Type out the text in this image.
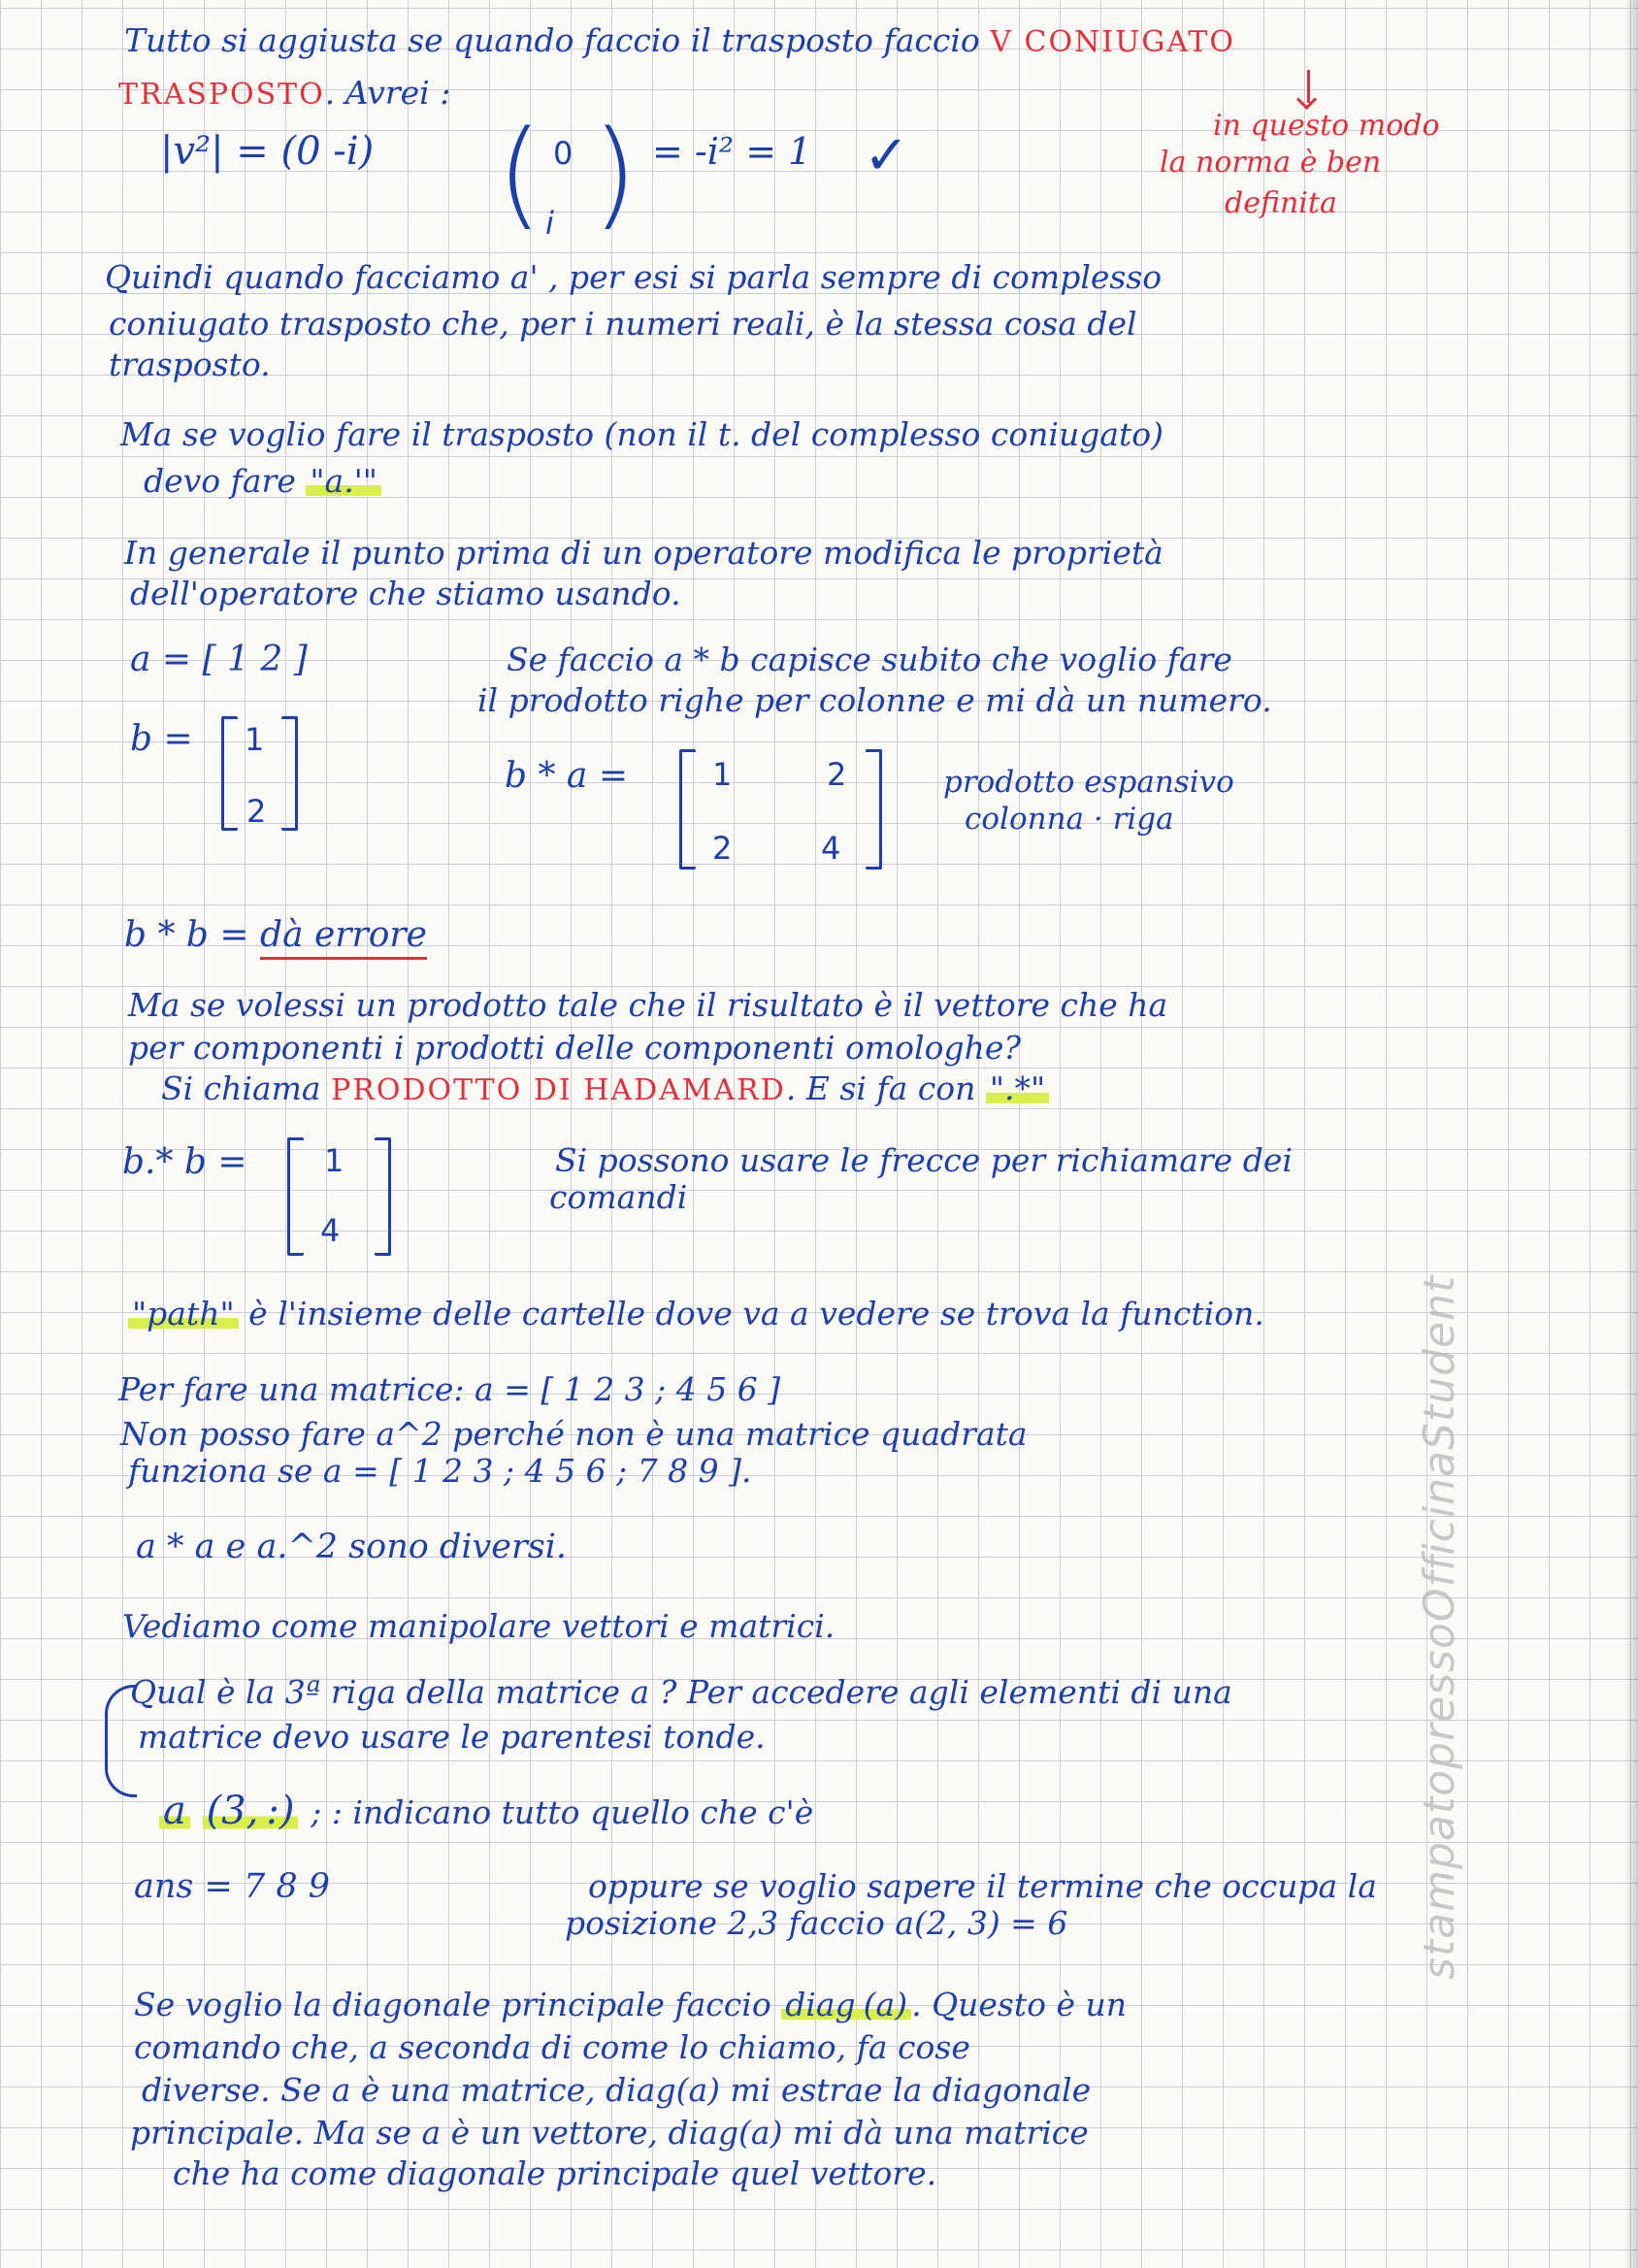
Tutto si aggiusta se quando faccio il trasposto faccio V CONIUGATO
TRASPOSTO. Avrei :
|v²| = (0 -i) ( 0
i ) = -i² = 1 ✓	in questo modo
la norma è ben
definita
Quindi quando facciamo a' , per esi si parla sempre di complesso
coniugato trasposto che, per i numeri reali, è la stessa cosa del
trasposto.
Ma se voglio fare il trasposto (non il t. del complesso coniugato)
devo fare "a.'"
In generale il punto prima di un operatore modifica le proprietà
dell'operatore che stiamo usando.
a = [ 1 2 ]
b = 1
2
Se faccio a * b capisce subito che voglio fare
il prodotto righe per colonne e mi dà un numero.
b * a =	1	2
2	4
prodotto espansivo
colonna · riga
b * b = dà errore
Ma se volessi un prodotto tale che il risultato è il vettore che ha
per componenti i prodotti delle componenti omologhe?
Si chiama PRODOTTO DI HADAMARD. E si fa con ".*"
b.* b = 1
4
Si possono usare le frecce per richiamare dei
comandi
"path" è l'insieme delle cartelle dove va a vedere se trova la function.
Per fare una matrice: a = [ 1 2 3 ; 4 5 6 ]
Non posso fare a^2 perché non è una matrice quadrata
funziona se a = [ 1 2 3 ; 4 5 6 ; 7 8 9 ].
a * a e a.^2 sono diversi.
Vediamo come manipolare vettori e matrici.
Qual è la 3ª riga della matrice a ? Per accedere agli elementi di una
matrice devo usare le parentesi tonde.
a (3, :) ; : indicano tutto quello che c'è
ans = 7 8 9	oppure se voglio sapere il termine che occupa la
posizione 2,3 faccio a(2, 3) = 6
Se voglio la diagonale principale faccio diag (a) . Questo è un
comando che, a seconda di come lo chiamo, fa cose
diverse. Se a è una matrice, diag(a) mi estrae la diagonale
principale. Ma se a è un vettore, diag(a) mi dà una matrice
che ha come diagonale principale quel vettore.
stampatopressoOfficinaStudent
